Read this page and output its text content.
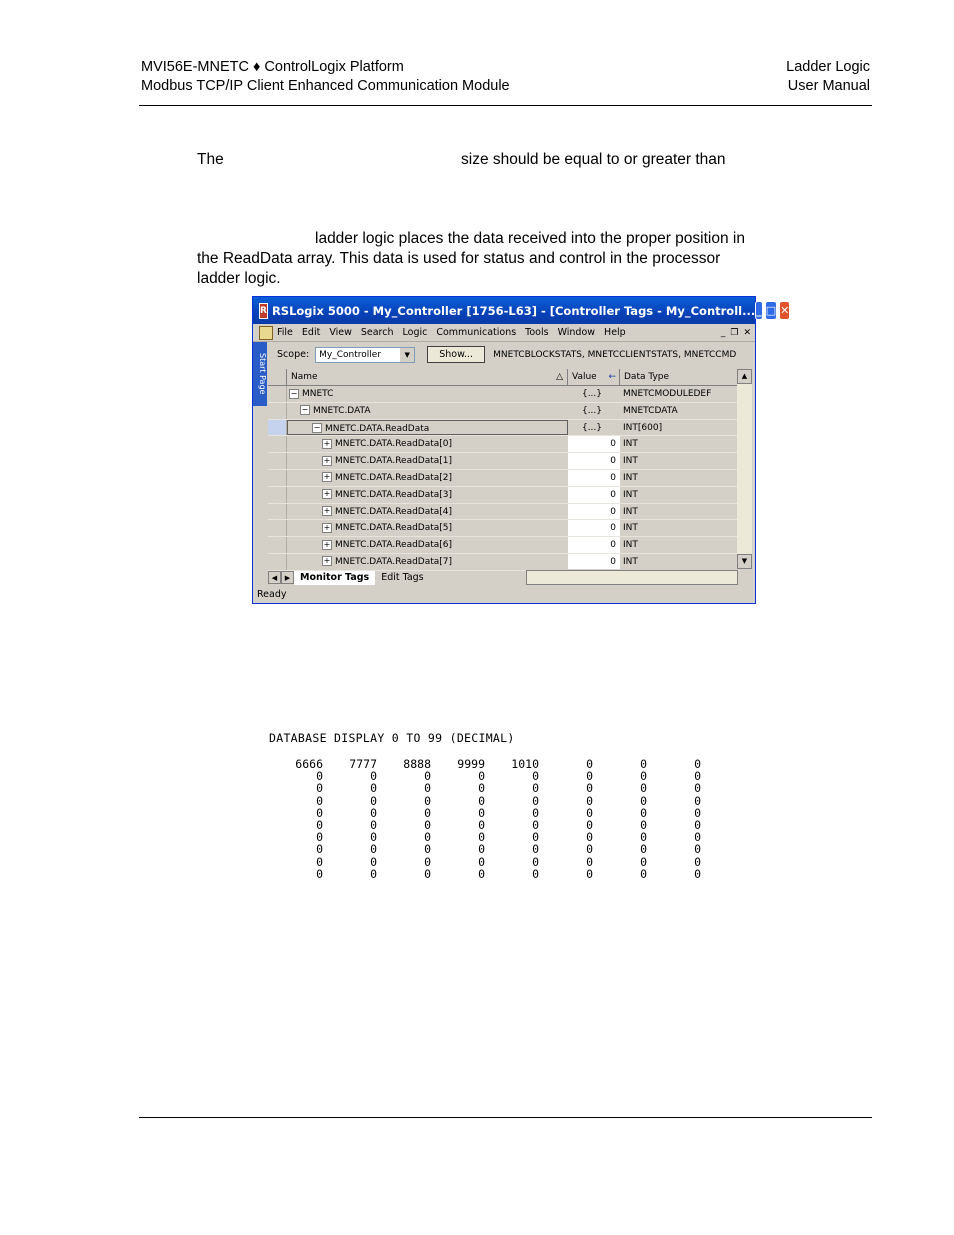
MVI56E-MNETC ♦ ControlLogix Platform
Modbus TCP/IP Client Enhanced Communication Module
Ladder Logic
User Manual
The	size should be equal to or greater than
ladder logic places the data received into the proper position in
the ReadData array. This data is used for status and control in the processor
ladder logic.
R RSLogix 5000 - My_Controller [1756-L63] - [Controller Tags - My_Controll... _ □ ✕
File Edit View Search Logic Communications Tools Window Help	_ ❐ ✕
Start Page Scope:	My_Controller	▼	Show...	MNETCBLOCKSTATS, MNETCCLIENTSTATS, MNETCCMD
Name	△ Value ← Data Type
− MNETC	{...}	MNETCMODULEDEF
− MNETC.DATA	{...}	MNETCDATA
− MNETC.DATA.ReadData	{...}	INT[600]
+ MNETC.DATA.ReadData[0]	0 INT
+ MNETC.DATA.ReadData[1]	0 INT
+ MNETC.DATA.ReadData[2]	0 INT
+ MNETC.DATA.ReadData[3]	0 INT
+ MNETC.DATA.ReadData[4]	0 INT
+ MNETC.DATA.ReadData[5]	0 INT
+ MNETC.DATA.ReadData[6]	0 INT
+ MNETC.DATA.ReadData[7]	0 INT
▲
▼
◀	▶	Monitor Tags	Edit Tags
Ready
DATABASE DISPLAY 0 TO 99 (DECIMAL)
6666	7777	8888	9999	1010	0	0	0
0	0	0	0	0	0	0	0
0	0	0	0	0	0	0	0
0	0	0	0	0	0	0	0
0	0	0	0	0	0	0	0
0	0	0	0	0	0	0	0
0	0	0	0	0	0	0	0
0	0	0	0	0	0	0	0
0	0	0	0	0	0	0	0
0	0	0	0	0	0	0	0
